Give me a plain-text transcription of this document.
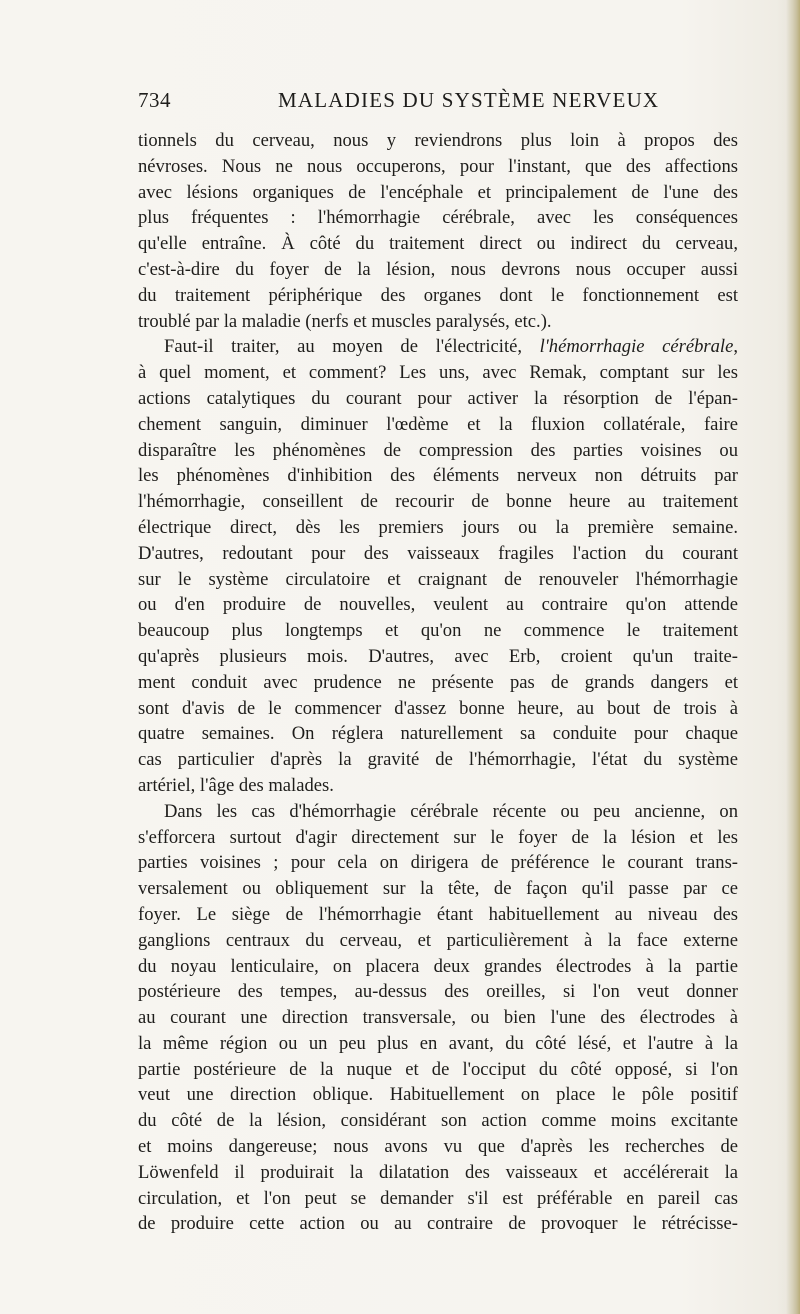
734	MALADIES DU SYSTÈME NERVEUX
tionnels du cerveau, nous y reviendrons plus loin à propos des
névroses. Nous ne nous occuperons, pour l'instant, que des affections
avec lésions organiques de l'encéphale et principalement de l'une des
plus fréquentes : l'hémorrhagie cérébrale, avec les conséquences
qu'elle entraîne. À côté du traitement direct ou indirect du cerveau,
c'est-à-dire du foyer de la lésion, nous devrons nous occuper aussi
du traitement périphérique des organes dont le fonctionnement est
troublé par la maladie (nerfs et muscles paralysés, etc.).
Faut-il traiter, au moyen de l'électricité, l'hémorrhagie cérébrale,
à quel moment, et comment? Les uns, avec Remak, comptant sur les
actions catalytiques du courant pour activer la résorption de l'épan-
chement sanguin, diminuer l'œdème et la fluxion collatérale, faire
disparaître les phénomènes de compression des parties voisines ou
les phénomènes d'inhibition des éléments nerveux non détruits par
l'hémorrhagie, conseillent de recourir de bonne heure au traitement
électrique direct, dès les premiers jours ou la première semaine.
D'autres, redoutant pour des vaisseaux fragiles l'action du courant
sur le système circulatoire et craignant de renouveler l'hémorrhagie
ou d'en produire de nouvelles, veulent au contraire qu'on attende
beaucoup plus longtemps et qu'on ne commence le traitement
qu'après plusieurs mois. D'autres, avec Erb, croient qu'un traite-
ment conduit avec prudence ne présente pas de grands dangers et
sont d'avis de le commencer d'assez bonne heure, au bout de trois à
quatre semaines. On réglera naturellement sa conduite pour chaque
cas particulier d'après la gravité de l'hémorrhagie, l'état du système
artériel, l'âge des malades.
Dans les cas d'hémorrhagie cérébrale récente ou peu ancienne, on
s'efforcera surtout d'agir directement sur le foyer de la lésion et les
parties voisines ; pour cela on dirigera de préférence le courant trans-
versalement ou obliquement sur la tête, de façon qu'il passe par ce
foyer. Le siège de l'hémorrhagie étant habituellement au niveau des
ganglions centraux du cerveau, et particulièrement à la face externe
du noyau lenticulaire, on placera deux grandes électrodes à la partie
postérieure des tempes, au-dessus des oreilles, si l'on veut donner
au courant une direction transversale, ou bien l'une des électrodes à
la même région ou un peu plus en avant, du côté lésé, et l'autre à la
partie postérieure de la nuque et de l'occiput du côté opposé, si l'on
veut une direction oblique. Habituellement on place le pôle positif
du côté de la lésion, considérant son action comme moins excitante
et moins dangereuse; nous avons vu que d'après les recherches de
Löwenfeld il produirait la dilatation des vaisseaux et accélérerait la
circulation, et l'on peut se demander s'il est préférable en pareil cas
de produire cette action ou au contraire de provoquer le rétrécisse-
